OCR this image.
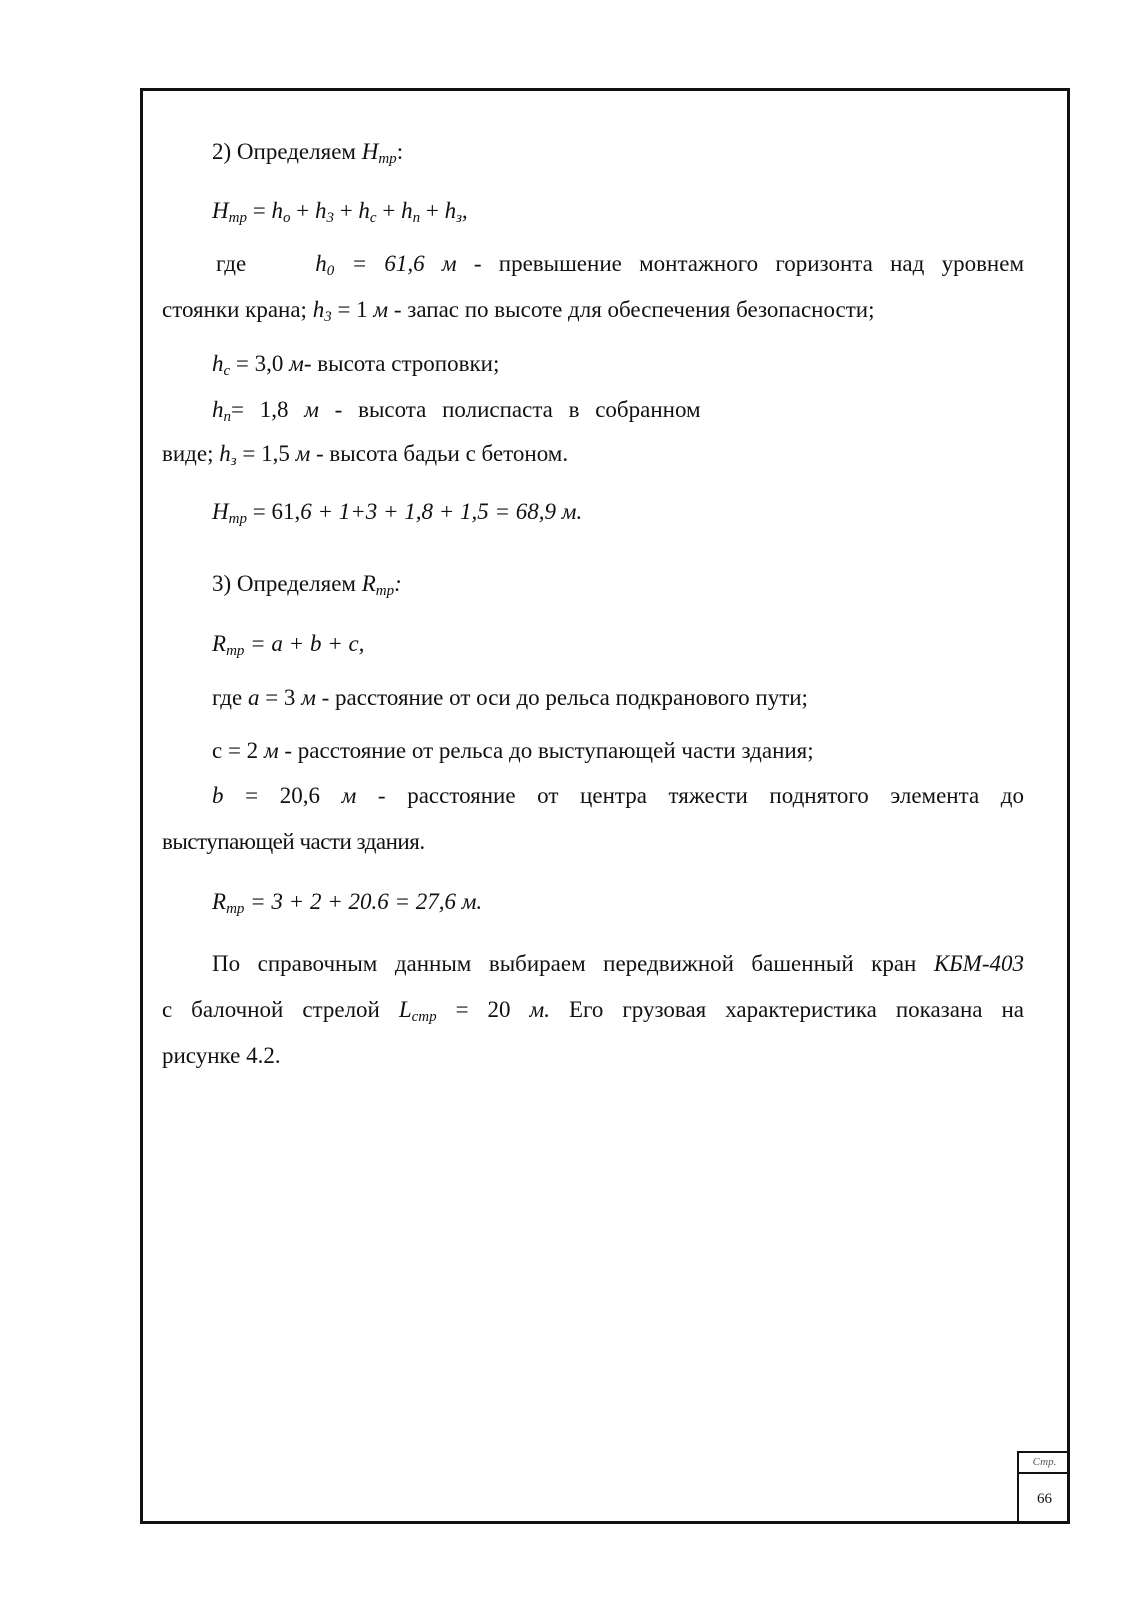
2) Определяем $H_{тр}$:
$H_{тр} = h_о + h_3 + h_с + h_п + h_з$,
где	$h_0 = 61,6$ м - превышение монтажного горизонта над уровнем
стоянки крана; $h_3 = 1$ м - запас по высоте для обеспечения безопасности;
$h_с = 3,0$ м- высота строповки;
$h_п= 1,8$ м - высота полиспаста в собранном
виде; $h_з = 1,5$ м - высота бадьи с бетоном.
$H_{тр} = 61,6 + 1+3 + 1,8 + 1,5 = 68,9$ м.
3) Определяем $R_{тр}$:
$R_{тр} = a + b + c$,
где a = 3 м - расстояние от оси до рельса подкранового пути;
c = 2 м - расстояние от рельса до выступающей части здания;
b = 20,6 м - расстояние от центра тяжести поднятого элемента до
выступающей части здания.
$R_{тр} = 3 + 2 + 20.6 = 27,6$ м.
По справочным данным выбираем передвижной башенный кран КБМ-403
с балочной стрелой $L_{стр} = 20$ м. Его грузовая характеристика показана на
рисунке 4.2.
Стр.
66
